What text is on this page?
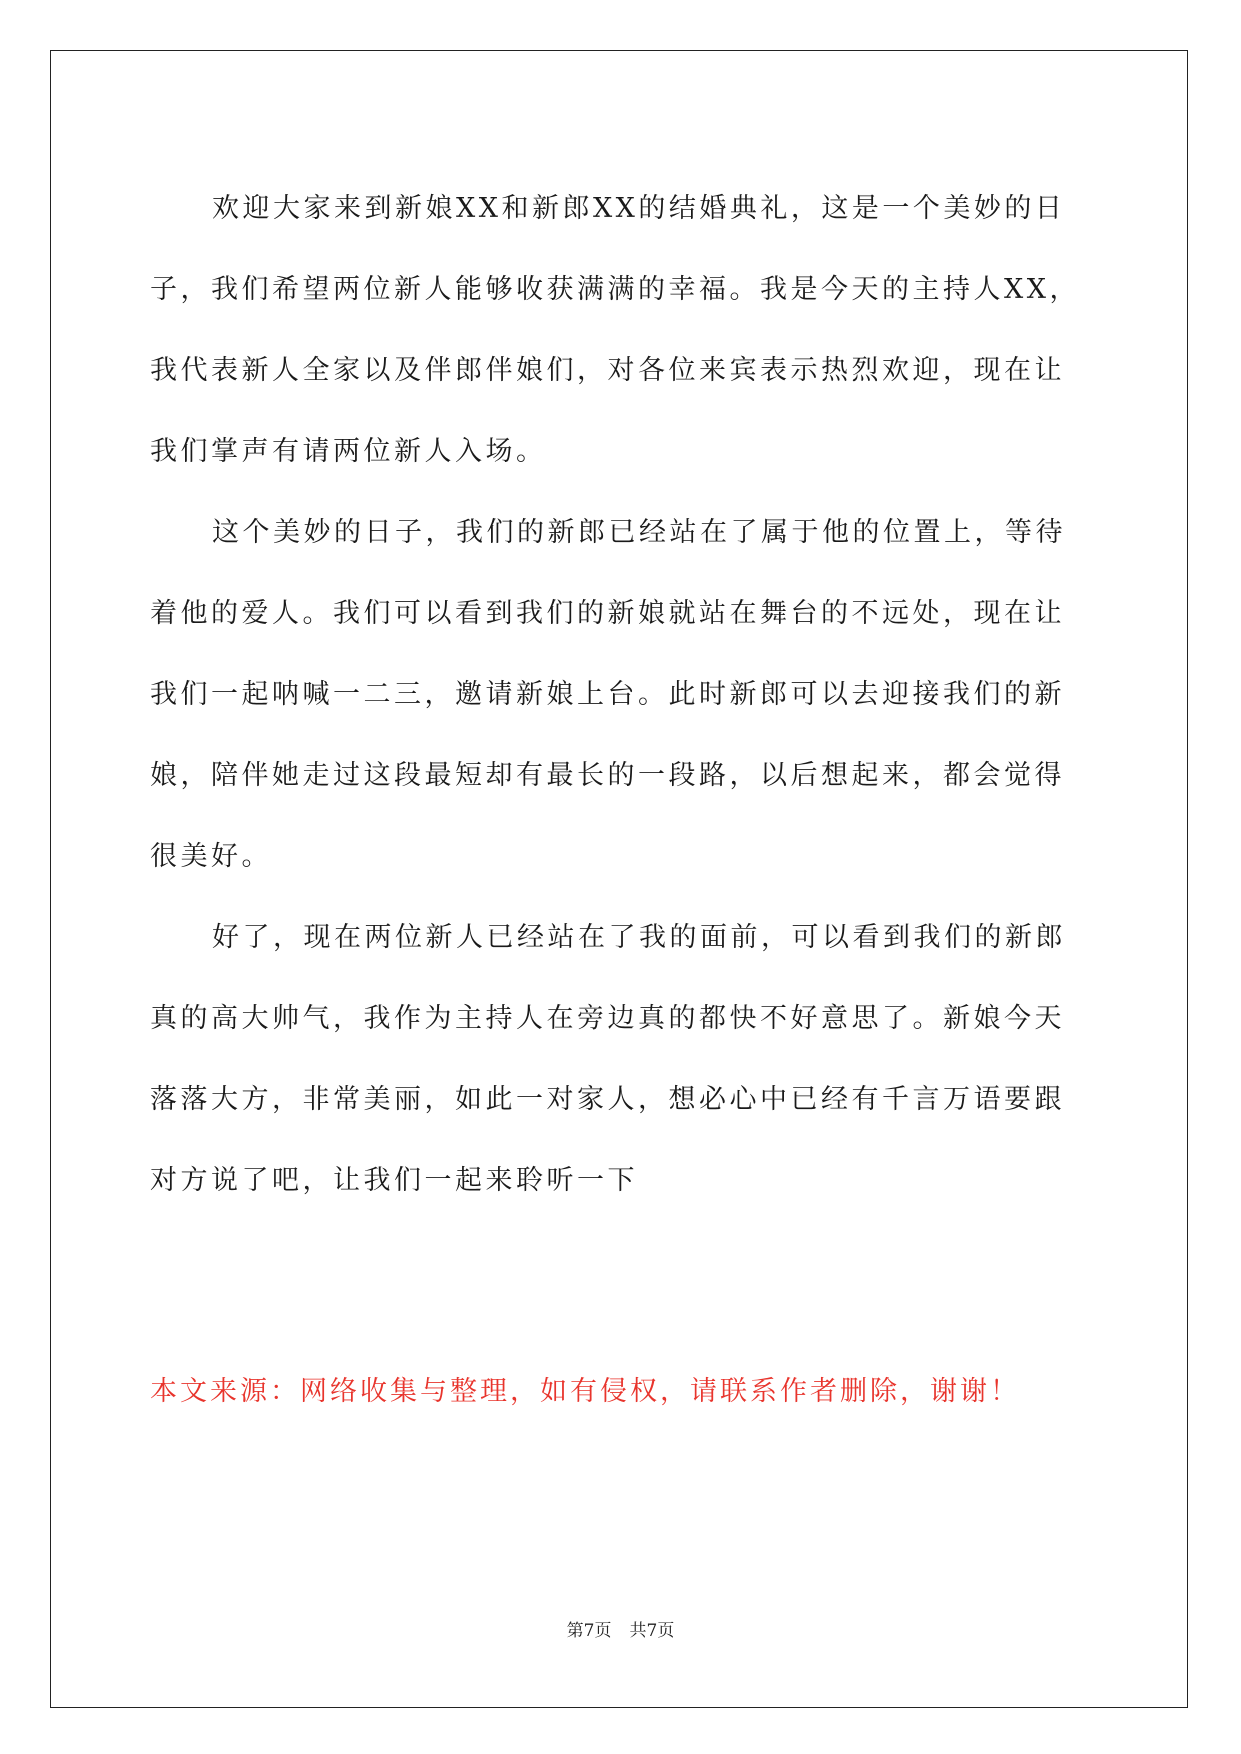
欢迎大家来到新娘XX和新郎XX的结婚典礼，这是一个美妙的日
子，我们希望两位新人能够收获满满的幸福。我是今天的主持人XX，
我代表新人全家以及伴郎伴娘们，对各位来宾表示热烈欢迎，现在让
我们掌声有请两位新人入场。
这个美妙的日子，我们的新郎已经站在了属于他的位置上，等待
着他的爱人。我们可以看到我们的新娘就站在舞台的不远处，现在让
我们一起呐喊一二三，邀请新娘上台。此时新郎可以去迎接我们的新
娘，陪伴她走过这段最短却有最长的一段路，以后想起来，都会觉得
很美好。
好了，现在两位新人已经站在了我的面前，可以看到我们的新郎
真的高大帅气，我作为主持人在旁边真的都快不好意思了。新娘今天
落落大方，非常美丽，如此一对家人，想必心中已经有千言万语要跟
对方说了吧，让我们一起来聆听一下

本文来源：网络收集与整理，如有侵权，请联系作者删除，谢谢！

第7页 共7页
